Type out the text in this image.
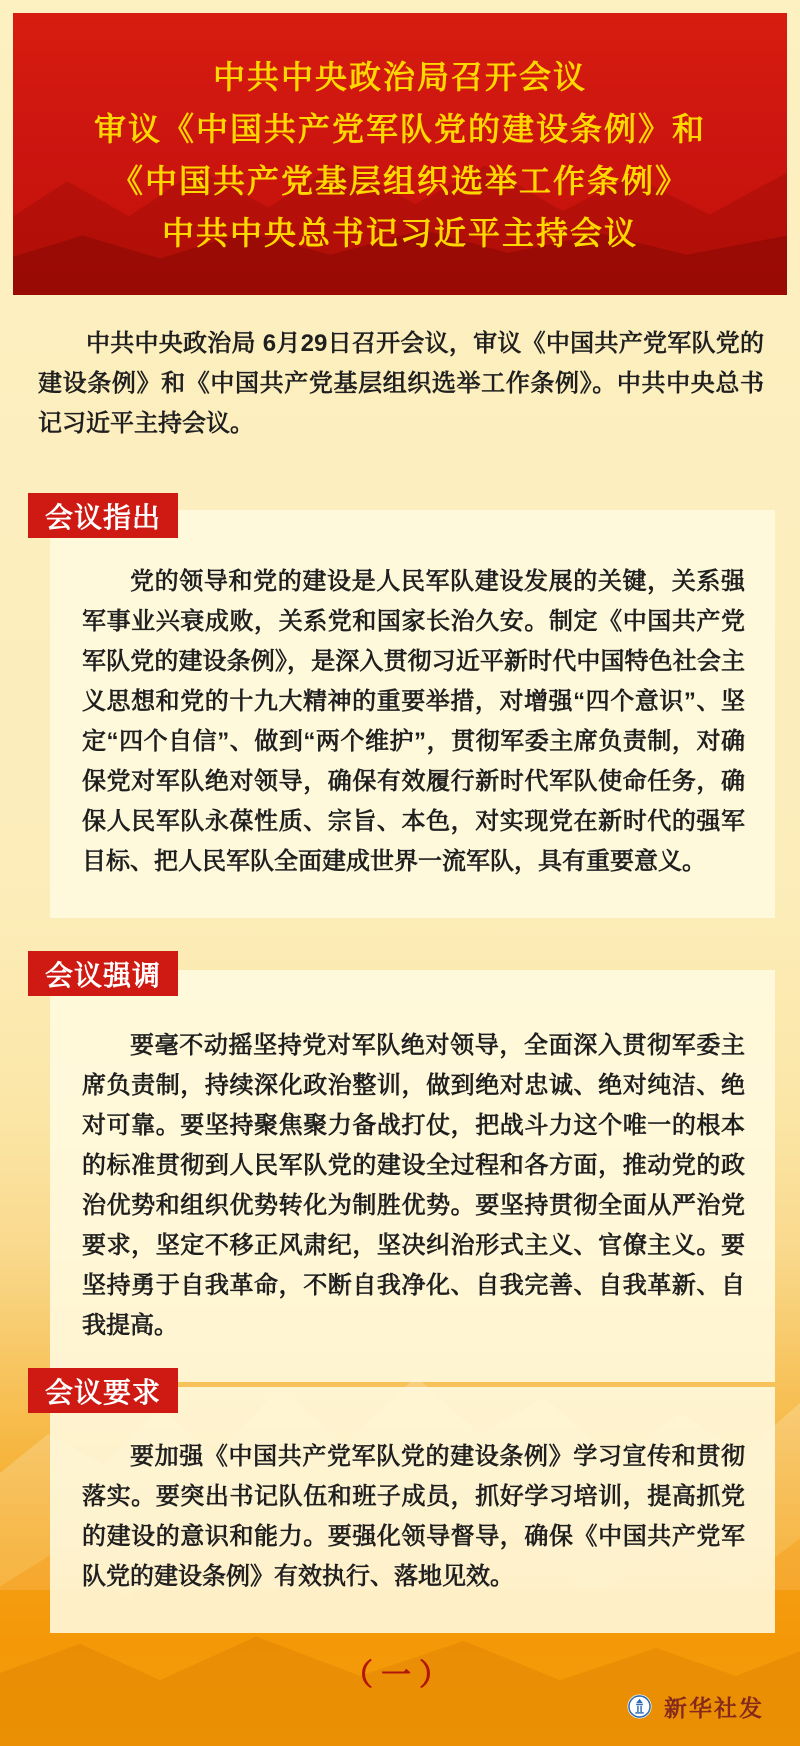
中共中央政治局召开会议
审议《中国共产党军队党的建设条例》和
《中国共产党基层组织选举工作条例》
中共中央总书记习近平主持会议
中共中央政治局 6月29日召开会议，审议《中国共产党军队党的建设条例》和《中国共产党基层组织选举工作条例》。中共中央总书记习近平主持会议。
会议指出

党的领导和党的建设是人民军队建设发展的关键，关系强军事业兴衰成败，关系党和国家长治久安。制定《中国共产党军队党的建设条例》，是深入贯彻习近平新时代中国特色社会主义思想和党的十九大精神的重要举措，对增强“四个意识”、坚定“四个自信”、做到“两个维护”，贯彻军委主席负责制，对确保党对军队绝对领导，确保有效履行新时代军队使命任务，确保人民军队永葆性质、宗旨、本色，对实现党在新时代的强军目标、把人民军队全面建成世界一流军队，具有重要意义。

会议强调

要毫不动摇坚持党对军队绝对领导，全面深入贯彻军委主席负责制，持续深化政治整训，做到绝对忠诚、绝对纯洁、绝对可靠。要坚持聚焦聚力备战打仗，把战斗力这个唯一的根本的标准贯彻到人民军队党的建设全过程和各方面，推动党的政治优势和组织优势转化为制胜优势。要坚持贯彻全面从严治党要求，坚定不移正风肃纪，坚决纠治形式主义、官僚主义。要坚持勇于自我革命，不断自我净化、自我完善、自我革新、自我提高。

会议要求

要加强《中国共产党军队党的建设条例》学习宣传和贯彻落实。要突出书记队伍和班子成员，抓好学习培训，提高抓党的建设的意识和能力。要强化领导督导，确保《中国共产党军队党的建设条例》有效执行、落地见效。

（一）
新华社发
